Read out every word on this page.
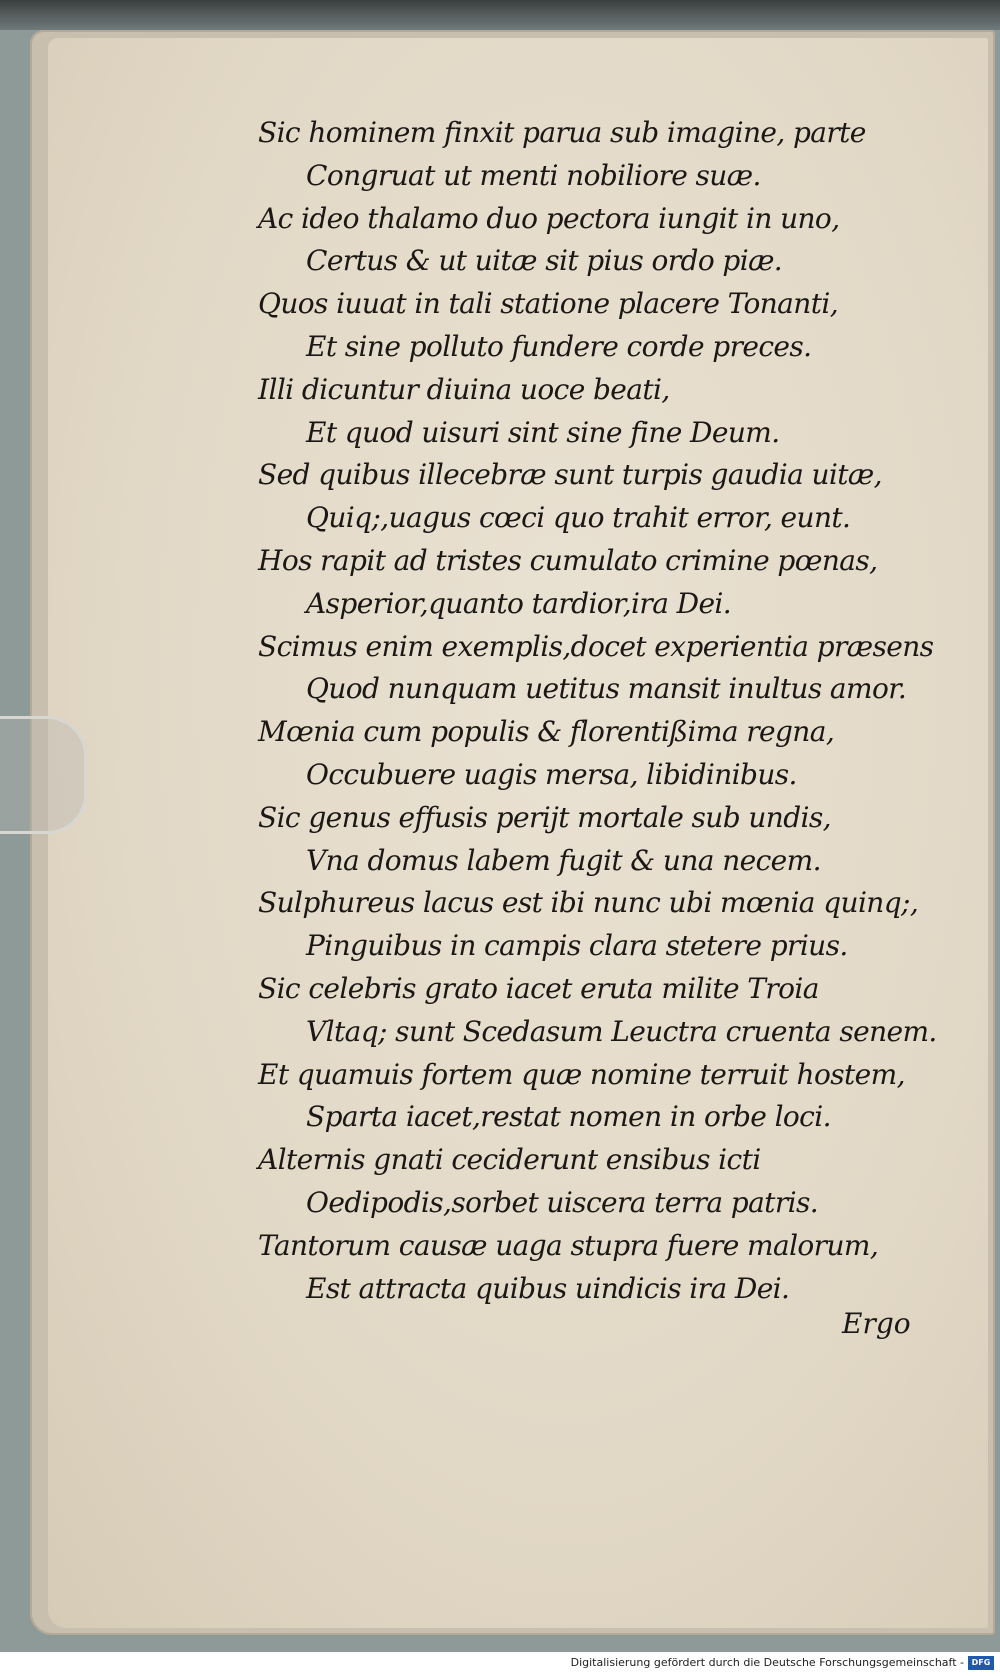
Sic hominem finxit parua sub imagine, parte
Congruat ut menti nobiliore suæ.
Ac ideo thalamo duo pectora iungit in uno,
Certus & ut uitæ sit pius ordo piæ.
Quos iuuat in tali statione placere Tonanti,
Et sine polluto fundere corde preces.
Illi dicuntur diuina uoce beati,
Et quod uisuri sint sine fine Deum.
Sed quibus illecebræ sunt turpis gaudia uitæ,
Quiq;,uagus cœci quo trahit error, eunt.
Hos rapit ad tristes cumulato crimine pœnas,
Asperior,quanto tardior,ira Dei.
Scimus enim exemplis,docet experientia præsens
Quod nunquam uetitus mansit inultus amor.
Mœnia cum populis & florentißima regna,
Occubuere uagis mersa, libidinibus.
Sic genus effusis perijt mortale sub undis,
Vna domus labem fugit & una necem.
Sulphureus lacus est ibi nunc ubi mœnia quinq;,
Pinguibus in campis clara stetere prius.
Sic celebris grato iacet eruta milite Troia
Vltaq; sunt Scedasum Leuctra cruenta senem.
Et quamuis fortem quæ nomine terruit hostem,
Sparta iacet,restat nomen in orbe loci.
Alternis gnati ceciderunt ensibus icti
Oedipodis,sorbet uiscera terra patris.
Tantorum causæ uaga stupra fuere malorum,
Est attracta quibus uindicis ira Dei.
Ergo
Digitalisierung gefördert durch die Deutsche Forschungsgemeinschaft - DFG
